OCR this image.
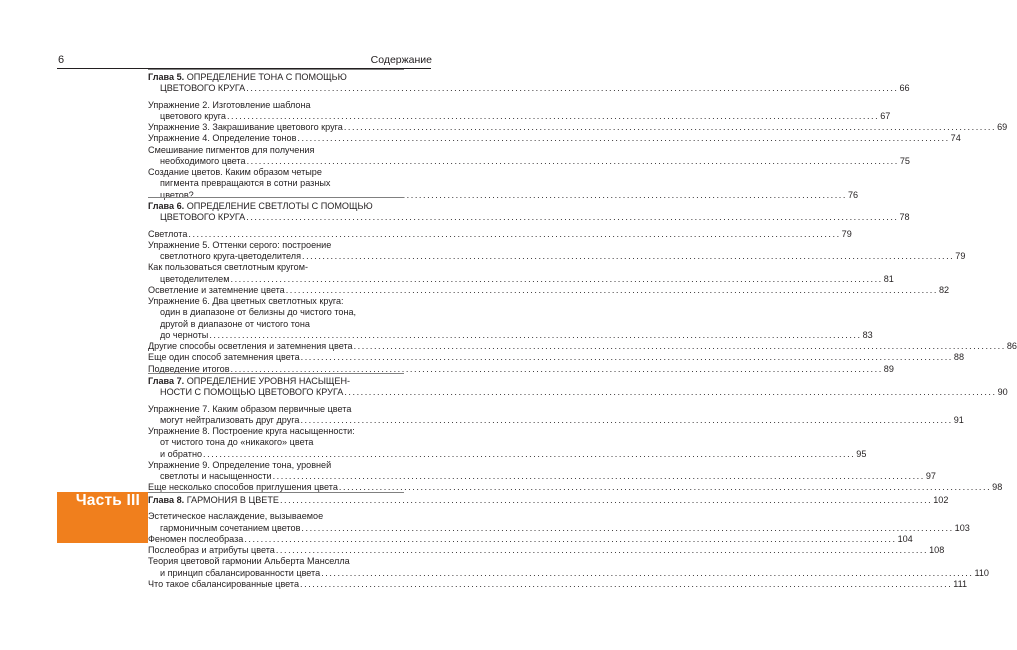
6	Содержание
Часть III
Глава 5. ОПРЕДЕЛЕНИЕ ТОНА С ПОМОЩЬЮ
ЦВЕТОВОГО КРУГА ................................................................................................................................................................ 66
Упражнение 2. Изготовление шаблона
цветового круга ................................................................................................................................................................ 67
Упражнение 3. Закрашивание цветового круга ................................................................................................................................................................ 69
Упражнение 4. Определение тонов ................................................................................................................................................................ 74
Смешивание пигментов для получения
необходимого цвета ................................................................................................................................................................ 75
Создание цветов. Каким образом четыре
пигмента превращаются в сотни разных
цветов? ................................................................................................................................................................ 76
Глава 6. ОПРЕДЕЛЕНИЕ СВЕТЛОТЫ С ПОМОЩЬЮ
ЦВЕТОВОГО КРУГА ................................................................................................................................................................ 78
Светлота ................................................................................................................................................................ 79
Упражнение 5. Оттенки серого: построение
светлотного круга-цветоделителя ................................................................................................................................................................ 79
Как пользоваться светлотным кругом-
цветоделителем ................................................................................................................................................................ 81
Осветление и затемнение цвета ................................................................................................................................................................ 82
Упражнение 6. Два цветных светлотных круга:
один в диапазоне от белизны до чистого тона,
другой в диапазоне от чистого тона
до черноты ................................................................................................................................................................ 83
Другие способы осветления и затемнения цвета ................................................................................................................................................................ 86
Еще один способ затемнения цвета ................................................................................................................................................................ 88
Подведение итогов ................................................................................................................................................................ 89
Глава 7. ОПРЕДЕЛЕНИЕ УРОВНЯ НАСЫЩЕН-
НОСТИ С ПОМОЩЬЮ ЦВЕТОВОГО КРУГА ................................................................................................................................................................ 90
Упражнение 7. Каким образом первичные цвета
могут нейтрализовать друг друга ................................................................................................................................................................ 91
Упражнение 8. Построение круга насыщенности:
от чистого тона до «никакого» цвета
и обратно ................................................................................................................................................................ 95
Упражнение 9. Определение тона, уровней
светлоты и насыщенности ................................................................................................................................................................ 97
Еще несколько способов приглушения цвета ................................................................................................................................................................ 98
Глава 8. ГАРМОНИЯ В ЦВЕТЕ ................................................................................................................................................................ 102
Эстетическое наслаждение, вызываемое
гармоничным сочетанием цветов ................................................................................................................................................................ 103
Феномен послеобраза ................................................................................................................................................................ 104
Послеобраз и атрибуты цвета ................................................................................................................................................................ 108
Теория цветовой гармонии Альберта Манселла
и принцип сбалансированности цвета ................................................................................................................................................................ 110
Что такое сбалансированные цвета ................................................................................................................................................................ 111
